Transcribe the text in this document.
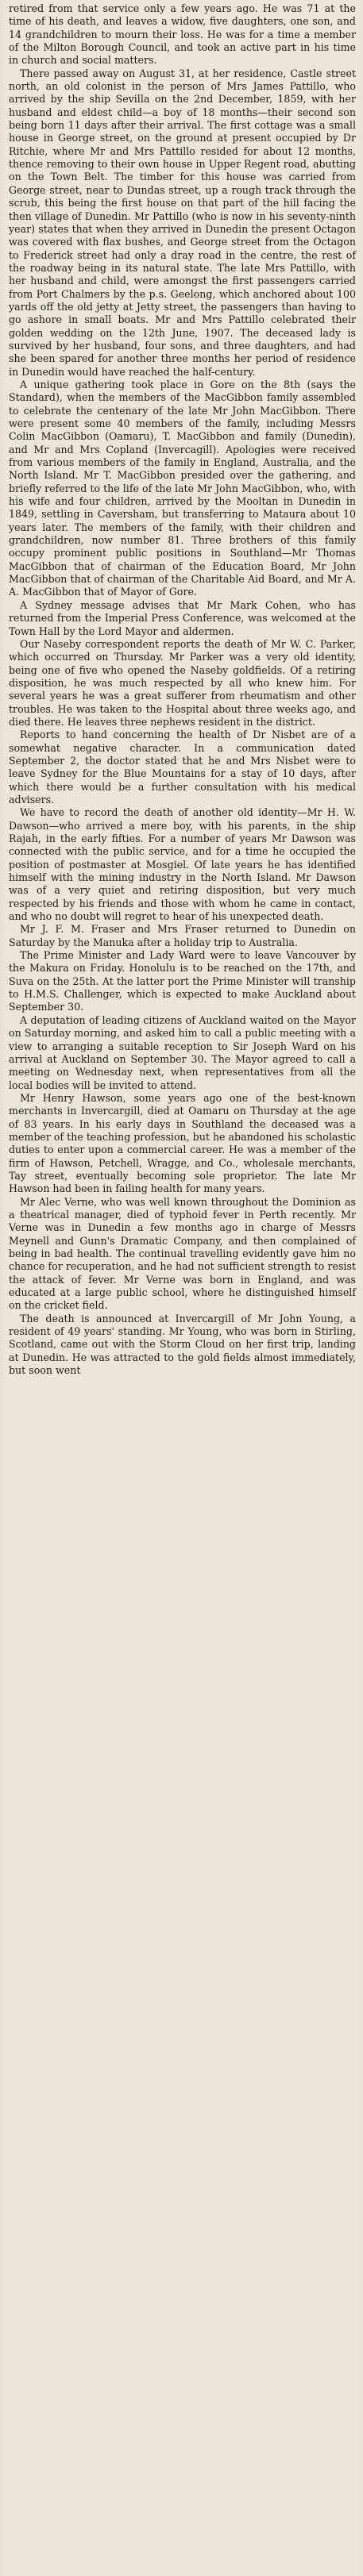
retired from that service only a few years ago. He was 71 at the time of his death, and leaves a widow, five daughters, one son, and 14 grandchildren to mourn their loss. He was for a time a member of the Milton Borough Council, and took an active part in his time in church and social matters.

There passed away on August 31, at her residence, Castle street north, an old colonist in the person of Mrs James Pattillo, who arrived by the ship Sevilla on the 2nd December, 1859, with her husband and eldest child—a boy of 18 months—their second son being born 11 days after their arrival. The first cottage was a small house in George street, on the ground at present occupied by Dr Ritchie, where Mr and Mrs Pattillo resided for about 12 months, thence removing to their own house in Upper Regent road, abutting on the Town Belt. The timber for this house was carried from George street, near to Dundas street, up a rough track through the scrub, this being the first house on that part of the hill facing the then village of Dunedin. Mr Pattillo (who is now in his seventy-ninth year) states that when they arrived in Dunedin the present Octagon was covered with flax bushes, and George street from the Octagon to Frederick street had only a dray road in the centre, the rest of the roadway being in its natural state. The late Mrs Pattillo, with her husband and child, were amongst the first passengers carried from Port Chalmers by the p.s. Geelong, which anchored about 100 yards off the old jetty at Jetty street, the passengers than having to go ashore in small boats. Mr and Mrs Pattillo celebrated their golden wedding on the 12th June, 1907. The deceased lady is survived by her husband, four sons, and three daughters, and had she been spared for another three months her period of residence in Dunedin would have reached the half-century.

A unique gathering took place in Gore on the 8th (says the Standard), when the members of the MacGibbon family assembled to celebrate the centenary of the late Mr John MacGibbon. There were present some 40 members of the family, including Messrs Colin MacGibbon (Oamaru), T. MacGibbon and family (Dunedin), and Mr and Mrs Copland (Invercagill). Apologies were received from various members of the family in England, Australia, and the North Island. Mr T. MacGibbon presided over the gathering, and briefly referred to the life of the late Mr John MacGibbon, who, with his wife and four children, arrived by the Mooltan in Dunedin in 1849, settling in Caversham, but transferring to Mataura about 10 years later. The members of the family, with their children and grandchildren, now number 81. Three brothers of this family occupy prominent public positions in Southland—Mr Thomas MacGibbon that of chairman of the Education Board, Mr John MacGibbon that of chairman of the Charitable Aid Board, and Mr A. A. MacGibbon that of Mayor of Gore.

A Sydney message advises that Mr Mark Cohen, who has returned from the Imperial Press Conference, was welcomed at the Town Hall by the Lord Mayor and aldermen.

Our Naseby correspondent reports the death of Mr W. C. Parker, which occurred on Thursday. Mr Parker was a very old identity, being one of five who opened the Naseby goldfields. Of a retiring disposition, he was much respected by all who knew him. For several years he was a great sufferer from rheumatism and other troubles. He was taken to the Hospital about three weeks ago, and died there. He leaves three nephews resident in the district.

Reports to hand concerning the health of Dr Nisbet are of a somewhat negative character. In a communication dated September 2, the doctor stated that he and Mrs Nisbet were to leave Sydney for the Blue Mountains for a stay of 10 days, after which there would be a further consultation with his medical advisers.

We have to record the death of another old identity—Mr H. W. Dawson—who arrived a mere boy, with his parents, in the ship Rajah, in the early fifties. For a number of years Mr Dawson was connected with the public service, and for a time he occupied the position of postmaster at Mosgiel. Of late years he has identified himself with the mining industry in the North Island. Mr Dawson was of a very quiet and retiring disposition, but very much respected by his friends and those with whom he came in contact, and who no doubt will regret to hear of his unexpected death.

Mr J. F. M. Fraser and Mrs Fraser returned to Dunedin on Saturday by the Manuka after a holiday trip to Australia.

The Prime Minister and Lady Ward were to leave Vancouver by the Makura on Friday. Honolulu is to be reached on the 17th, and Suva on the 25th. At the latter port the Prime Minister will tranship to H.M.S. Challenger, which is expected to make Auckland about September 30.

A deputation of leading citizens of Auckland waited on the Mayor on Saturday morning, and asked him to call a public meeting with a view to arranging a suitable reception to Sir Joseph Ward on his arrival at Auckland on September 30. The Mayor agreed to call a meeting on Wednesday next, when representatives from all the local bodies will be invited to attend.

Mr Henry Hawson, some years ago one of the best-known merchants in Invercargill, died at Oamaru on Thursday at the age of 83 years. In his early days in Southland the deceased was a member of the teaching profession, but he abandoned his scholastic duties to enter upon a commercial career. He was a member of the firm of Hawson, Petchell, Wragge, and Co., wholesale merchants, Tay street, eventually becoming sole proprietor. The late Mr Hawson had been in failing health for many years.

Mr Alec Verne, who was well known throughout the Dominion as a theatrical manager, died of typhoid fever in Perth recently. Mr Verne was in Dunedin a few months ago in charge of Messrs Meynell and Gunn's Dramatic Company, and then complained of being in bad health. The continual travelling evidently gave him no chance for recuperation, and he had not sufficient strength to resist the attack of fever. Mr Verne was born in England, and was educated at a large public school, where he distinguished himself on the cricket field.

The death is announced at Invercargill of Mr John Young, a resident of 49 years' standing. Mr Young, who was born in Stirling, Scotland, came out with the Storm Cloud on her first trip, landing at Dunedin. He was attracted to the gold fields almost immediately, but soon went
